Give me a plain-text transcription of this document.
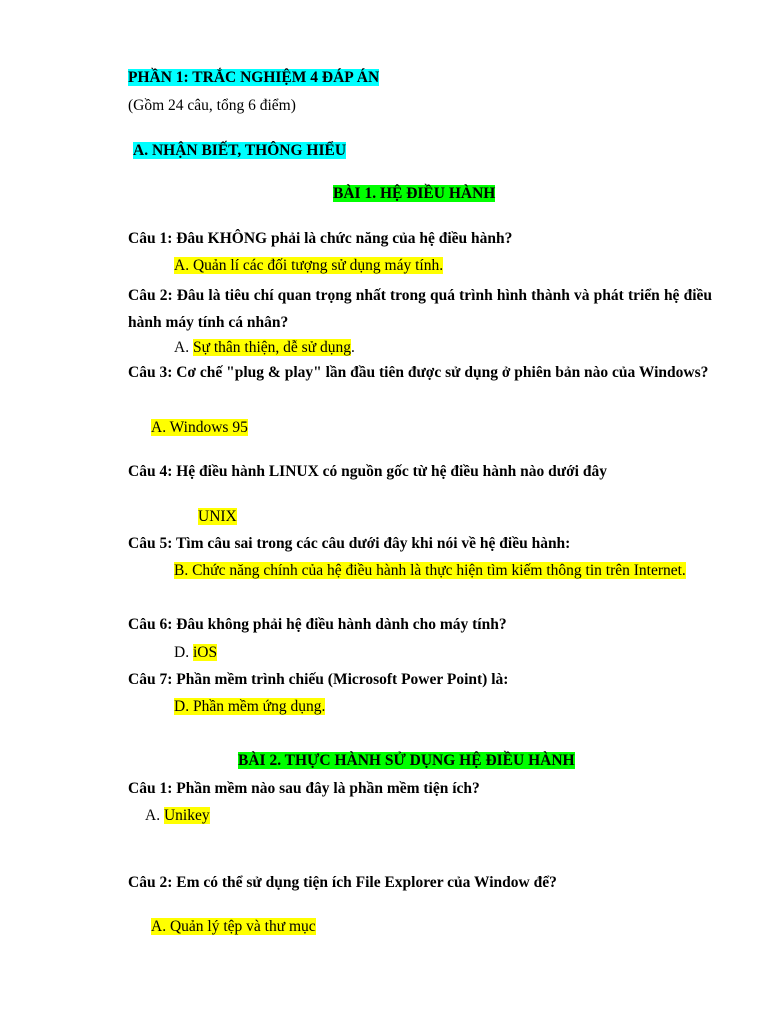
PHẦN 1: TRẮC NGHIỆM 4 ĐÁP ÁN
(Gồm 24 câu, tổng 6 điểm)
A. NHẬN BIẾT, THÔNG HIỂU
BÀI 1. HỆ ĐIỀU HÀNH
Câu 1: Đâu KHÔNG phải là chức năng của hệ điều hành?
A. Quản lí các đối tượng sử dụng máy tính.
Câu 2: Đâu là tiêu chí quan trọng nhất trong quá trình hình thành và phát triển hệ điều hành máy tính cá nhân?
A. Sự thân thiện, dễ sử dụng.
Câu 3: Cơ chế "plug & play" lần đầu tiên được sử dụng ở phiên bản nào của Windows?
A. Windows 95
Câu 4: Hệ điều hành LINUX có nguồn gốc từ hệ điều hành nào dưới đây
UNIX
Câu 5: Tìm câu sai trong các câu dưới đây khi nói về hệ điều hành:
B. Chức năng chính của hệ điều hành là thực hiện tìm kiếm thông tin trên Internet.
Câu 6: Đâu không phải hệ điều hành dành cho máy tính?
D. iOS
Câu 7: Phần mềm trình chiếu (Microsoft Power Point) là:
D. Phần mềm ứng dụng.
BÀI 2. THỰC HÀNH SỬ DỤNG HỆ ĐIỀU HÀNH
Câu 1: Phần mềm nào sau đây là phần mềm tiện ích?
A. Unikey
Câu 2: Em có thể sử dụng tiện ích File Explorer của Window để?
A. Quản lý tệp và thư mục
